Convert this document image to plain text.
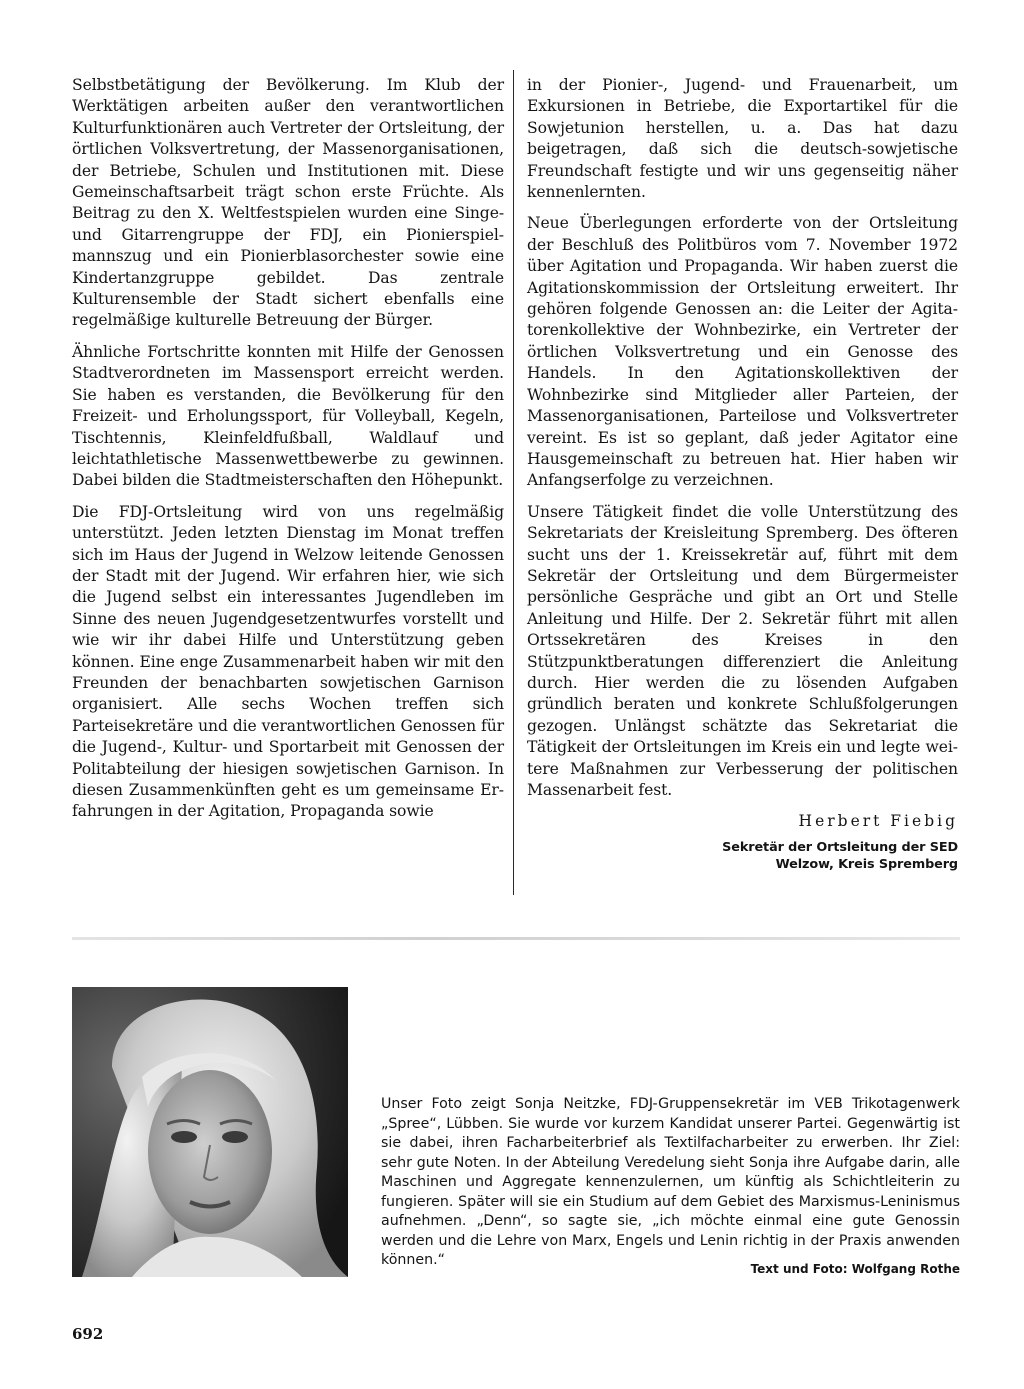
Selbstbetätigung der Bevölkerung. Im Klub der Werktätigen arbeiten außer den verantwortlichen Kulturfunktionären auch Vertreter der Ortsleitung, der örtlichen Volksvertretung, der Massenorganisationen, der Betriebe, Schulen und Institutionen mit. Diese Gemeinschaftsarbeit trägt schon erste Früchte. Als Beitrag zu den X. Weltfestspielen wurden eine Singe- und Gitarrengruppe der FDJ, ein Pionierspielmannszug und ein Pionierblasorchester sowie eine Kindertanzgruppe gebildet. Das zentrale Kulturensemble der Stadt sichert ebenfalls eine regelmäßige kulturelle Betreuung der Bürger.

Ähnliche Fortschritte konnten mit Hilfe der Genossen Stadtverordneten im Massensport erreicht werden. Sie haben es verstanden, die Bevölkerung für den Freizeit- und Erholungssport, für Volleyball, Kegeln, Tischtennis, Kleinfeldfußball, Waldlauf und leichtathletische Massenwettbewerbe zu gewinnen. Dabei bilden die Stadtmeisterschaften den Höhepunkt.

Die FDJ-Ortsleitung wird von uns regelmäßig unterstützt. Jeden letzten Dienstag im Monat treffen sich im Haus der Jugend in Welzow leitende Genossen der Stadt mit der Jugend. Wir erfahren hier, wie sich die Jugend selbst ein interessantes Jugendleben im Sinne des neuen Jugendgesetzentwurfes vorstellt und wie wir ihr dabei Hilfe und Unterstützung geben können. Eine enge Zusammenarbeit haben wir mit den Freunden der benachbarten sowjetischen Garnison organisiert. Alle sechs Wochen treffen sich Parteisekretäre und die verantwortlichen Genossen für die Jugend-, Kultur- und Sportarbeit mit Genossen der Politabteilung der hiesigen sowjetischen Garnison. In diesen Zusammenkünften geht es um gemeinsame Erfahrungen in der Agitation, Propaganda sowie

in der Pionier-, Jugend- und Frauenarbeit, um Exkursionen in Betriebe, die Exportartikel für die Sowjetunion herstellen, u. a. Das hat dazu beigetragen, daß sich die deutsch-sowjetische Freundschaft festigte und wir uns gegenseitig näher kennenlernten.

Neue Überlegungen erforderte von der Ortsleitung der Beschluß des Politbüros vom 7. November 1972 über Agitation und Propaganda. Wir haben zuerst die Agitationskommission der Ortsleitung erweitert. Ihr gehören folgende Genossen an: die Leiter der Agitatorenkollektive der Wohnbezirke, ein Vertreter der örtlichen Volksvertretung und ein Genosse des Handels. In den Agitationskollektiven der Wohnbezirke sind Mitglieder aller Parteien, der Massenorganisationen, Parteilose und Volksvertreter vereint. Es ist so geplant, daß jeder Agitator eine Hausgemeinschaft zu betreuen hat. Hier haben wir Anfangserfolge zu verzeichnen.

Unsere Tätigkeit findet die volle Unterstützung des Sekretariats der Kreisleitung Spremberg. Des öfteren sucht uns der 1. Kreissekretär auf, führt mit dem Sekretär der Ortsleitung und dem Bürgermeister persönliche Gespräche und gibt an Ort und Stelle Anleitung und Hilfe. Der 2. Sekretär führt mit allen Ortssekretären des Kreises in den Stützpunktberatungen differenziert die Anleitung durch. Hier werden die zu lösenden Aufgaben gründlich beraten und konkrete Schlußfolgerungen gezogen. Unlängst schätzte das Sekretariat die Tätigkeit der Ortsleitungen im Kreis ein und legte weitere Maßnahmen zur Verbesserung der politischen Massenarbeit fest.

Herbert Fiebig
Sekretär der Ortsleitung der SED
Welzow, Kreis Spremberg

Unser Foto zeigt Sonja Neitzke, FDJ-Gruppensekretär im VEB Trikotagenwerk „Spree“, Lübben. Sie wurde vor kurzem Kandidat unserer Partei. Gegenwärtig ist sie dabei, ihren Facharbeiterbrief als Textilfacharbeiter zu erwerben. Ihr Ziel: sehr gute Noten. In der Abteilung Veredelung sieht Sonja ihre Aufgabe darin, alle Maschinen und Aggregate kennenzulernen, um künftig als Schichtleiterin zu fungieren. Später will sie ein Studium auf dem Gebiet des Marxismus-Leninismus aufnehmen. „Denn“, so sagte sie, „ich möchte einmal eine gute Genossin werden und die Lehre von Marx, Engels und Lenin richtig in der Praxis anwenden können.“

Text und Foto: Wolfgang Rothe
692
